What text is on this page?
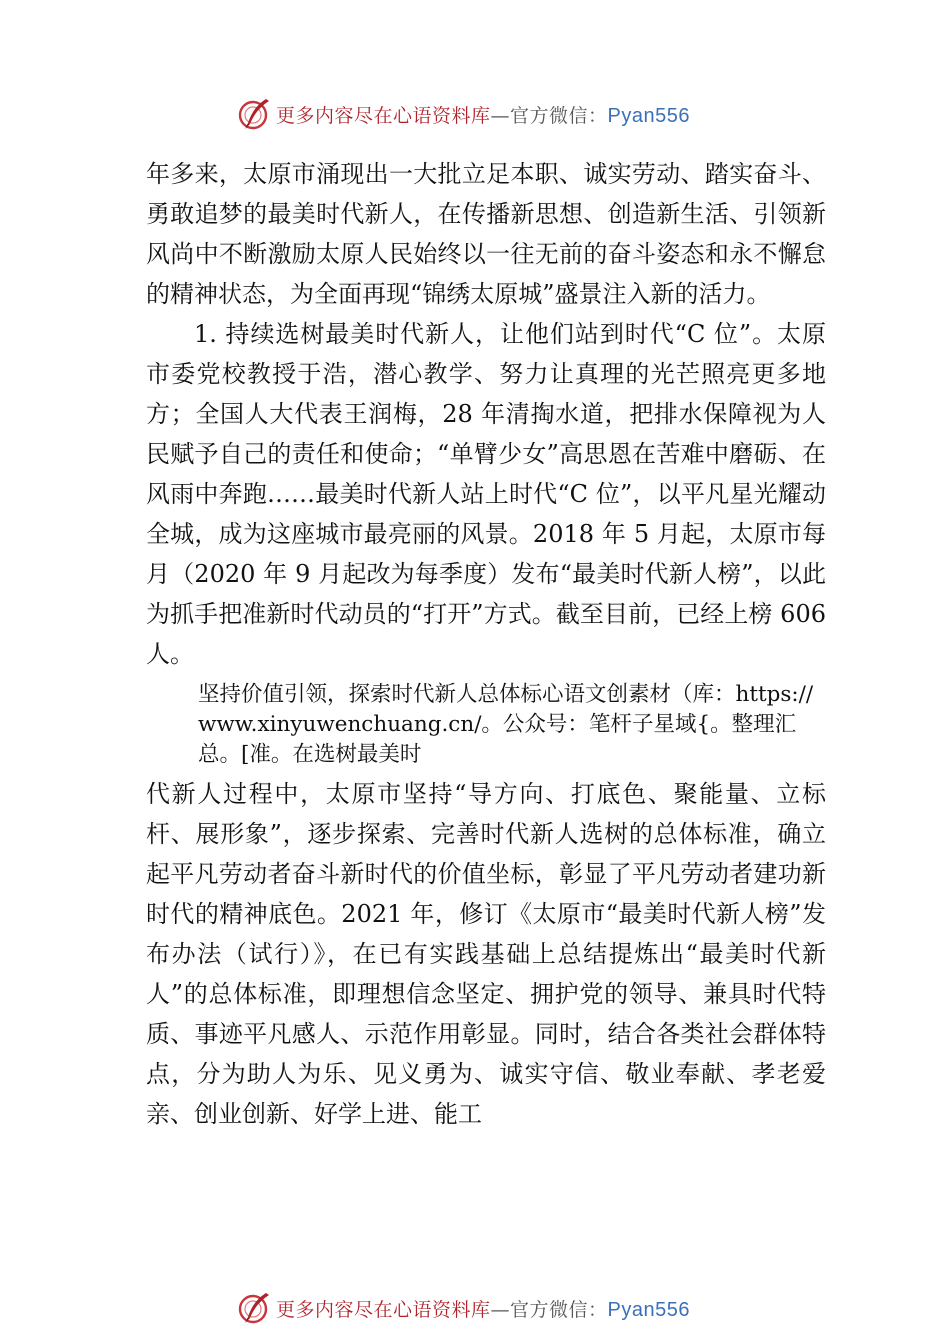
更多内容尽在心语资料库—官方微信：Pyan556

年多来，太原市涌现出一大批立足本职、诚实劳动、踏实奋斗、勇敢追梦的最美时代新人，在传播新思想、创造新生活、引领新风尚中不断激励太原人民始终以一往无前的奋斗姿态和永不懈怠的精神状态，为全面再现“锦绣太原城”盛景注入新的活力。

1. 持续选树最美时代新人，让他们站到时代“C 位”。太原市委党校教授于浩，潜心教学、努力让真理的光芒照亮更多地方；全国人大代表王润梅，28 年清掏水道，把排水保障视为人民赋予自己的责任和使命；“单臂少女”高思恩在苦难中磨砺、在风雨中奔跑……最美时代新人站上时代“C 位”，以平凡星光耀动全城，成为这座城市最亮丽的风景。2018 年 5 月起，太原市每月（2020 年 9 月起改为每季度）发布“最美时代新人榜”，以此为抓手把准新时代动员的“打开”方式。截至目前，已经上榜 606 人。

坚持价值引领，探索时代新人总体标心语文创素材（库：https://www.xinyuwenchuang.cn/。公众号：笔杆子星域{。整理汇总。[准。在选树最美时

代新人过程中，太原市坚持“导方向、打底色、聚能量、立标杆、展形象”，逐步探索、完善时代新人选树的总体标准，确立起平凡劳动者奋斗新时代的价值坐标，彰显了平凡劳动者建功新时代的精神底色。2021 年，修订《太原市“最美时代新人榜”发布办法（试行）》，在已有实践基础上总结提炼出“最美时代新人”的总体标准，即理想信念坚定、拥护党的领导、兼具时代特质、事迹平凡感人、示范作用彰显。同时，结合各类社会群体特点，分为助人为乐、见义勇为、诚实守信、敬业奉献、孝老爱亲、创业创新、好学上进、能工

更多内容尽在心语资料库—官方微信：Pyan556
